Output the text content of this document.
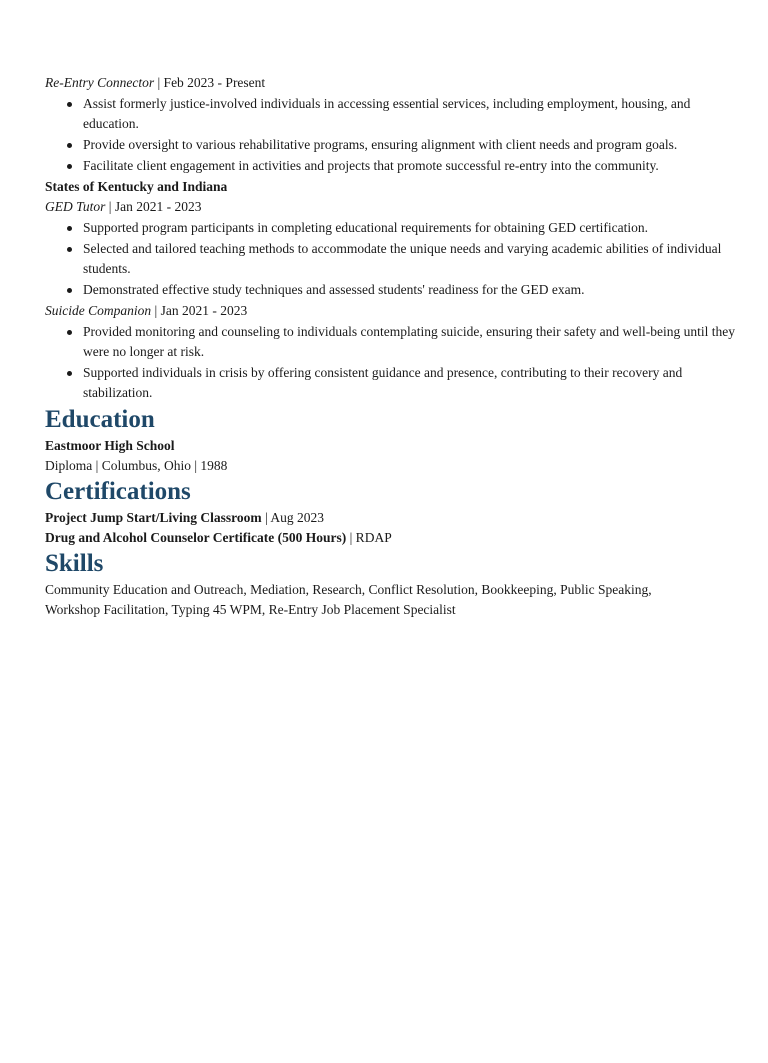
Re-Entry Connector | Feb 2023 - Present
Assist formerly justice-involved individuals in accessing essential services, including employment, housing, and education.
Provide oversight to various rehabilitative programs, ensuring alignment with client needs and program goals.
Facilitate client engagement in activities and projects that promote successful re-entry into the community.
States of Kentucky and Indiana
GED Tutor | Jan 2021 - 2023
Supported program participants in completing educational requirements for obtaining GED certification.
Selected and tailored teaching methods to accommodate the unique needs and varying academic abilities of individual students.
Demonstrated effective study techniques and assessed students' readiness for the GED exam.
Suicide Companion | Jan 2021 - 2023
Provided monitoring and counseling to individuals contemplating suicide, ensuring their safety and well-being until they were no longer at risk.
Supported individuals in crisis by offering consistent guidance and presence, contributing to their recovery and stabilization.
Education
Eastmoor High School
Diploma | Columbus, Ohio | 1988
Certifications
Project Jump Start/Living Classroom | Aug 2023
Drug and Alcohol Counselor Certificate (500 Hours) | RDAP
Skills
Community Education and Outreach, Mediation, Research, Conflict Resolution, Bookkeeping, Public Speaking, Workshop Facilitation, Typing 45 WPM, Re-Entry Job Placement Specialist
